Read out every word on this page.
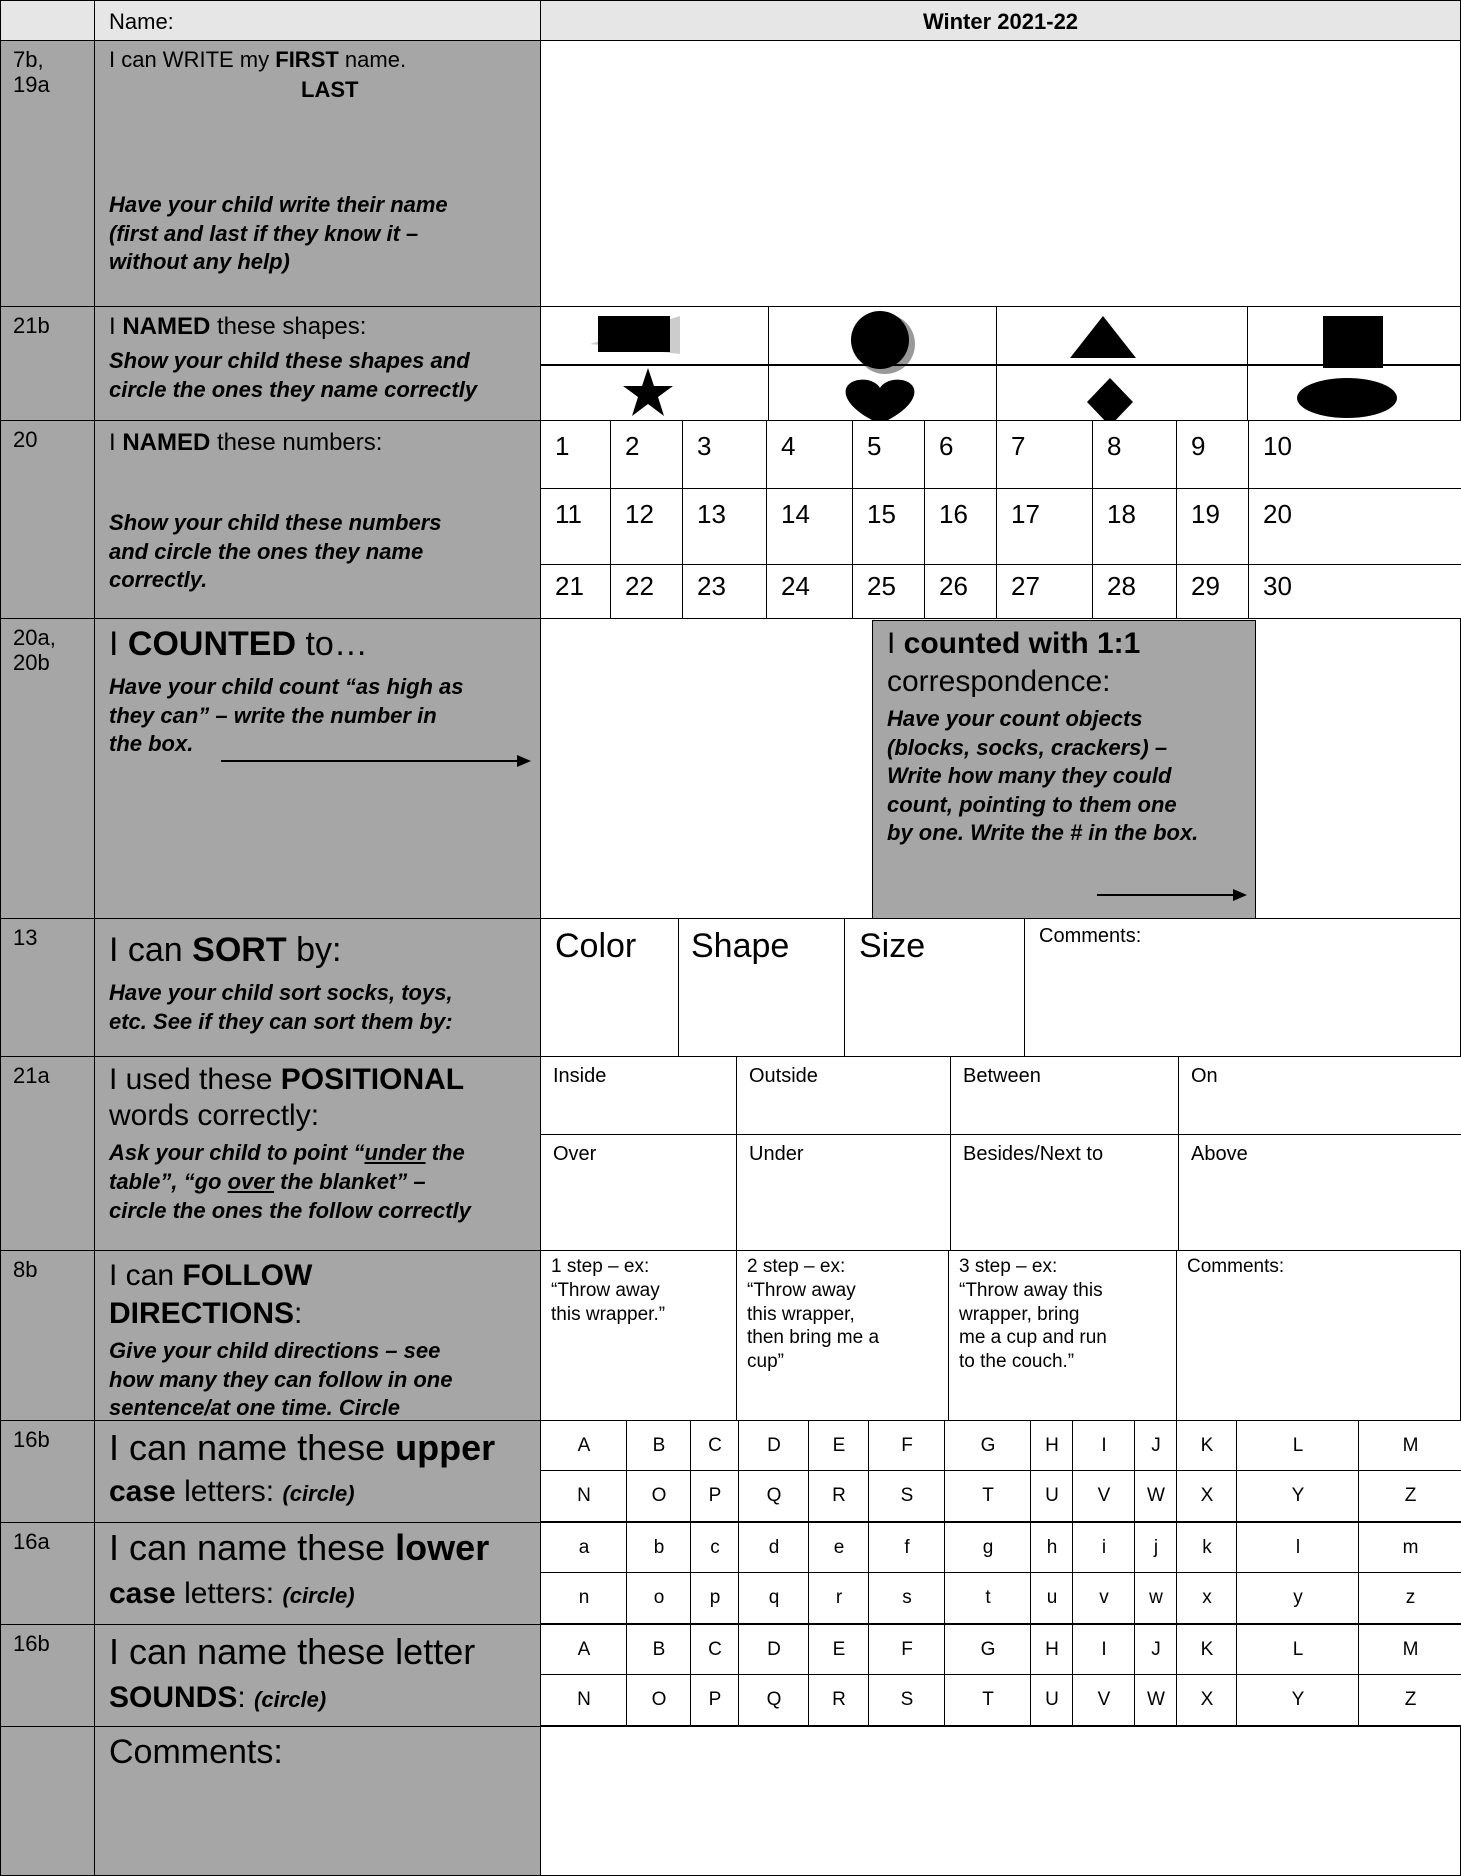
Name:	Winter 2021-22
7b,
19a
I can WRITE my FIRST name.
LAST
Have your child write their name
(first and last if they know it –
without any help)
21b I NAMED these shapes:
Show your child these shapes and
circle the ones they name correctly
20	I NAMED these numbers:
Show your child these numbers
and circle the ones they name
correctly.
1	2	3	4	5	6	7	8	9	10
11	12	13	14	15	16	17	18	19	20
21	22	23	24	25	26	27	28	29	30
20a,
20b I COUNTED to…
Have your child count “as high as
they can” – write the number in
the box.
I counted with 1:1
correspondence:
Have your count objects
(blocks, socks, crackers) –
Write how many they could
count, pointing to them one
by one. Write the # in the box.
13 I can SORT by:
Have your child sort socks, toys,
etc. See if they can sort them by:
Color Shape Size	Comments:
21a I used these POSITIONAL
words correctly:
Ask your child to point “under the
table”, “go over the blanket” –
circle the ones the follow correctly
Inside	Outside	Between	On
Over	Under	Besides/Next to	Above
8b I can FOLLOW
DIRECTIONS:
Give your child directions – see
how many they can follow in one
sentence/at one time. Circle
1 step – ex:
“Throw away
this wrapper.”
2 step – ex:
“Throw away
this wrapper,
then bring me a
cup”
3 step – ex:
“Throw away this
wrapper, bring
me a cup and run
to the couch.”
Comments:
16b I can name these upper
case letters: (circle)
A	B	C	D	E	F	G	H	I	J	K	L	M
N	O	P	Q	R	S	T	U	V	W	X	Y	Z
16a I can name these lower
case letters: (circle)
a	b	c	d	e	f	g	h	i	j	k	l	m
n	o	p	q	r	s	t	u	v	w	x	y	z
16b I can name these letter
SOUNDS: (circle)
A	B	C	D	E	F	G	H	I	J	K	L	M
N	O	P	Q	R	S	T	U	V	W	X	Y	Z
Comments:
